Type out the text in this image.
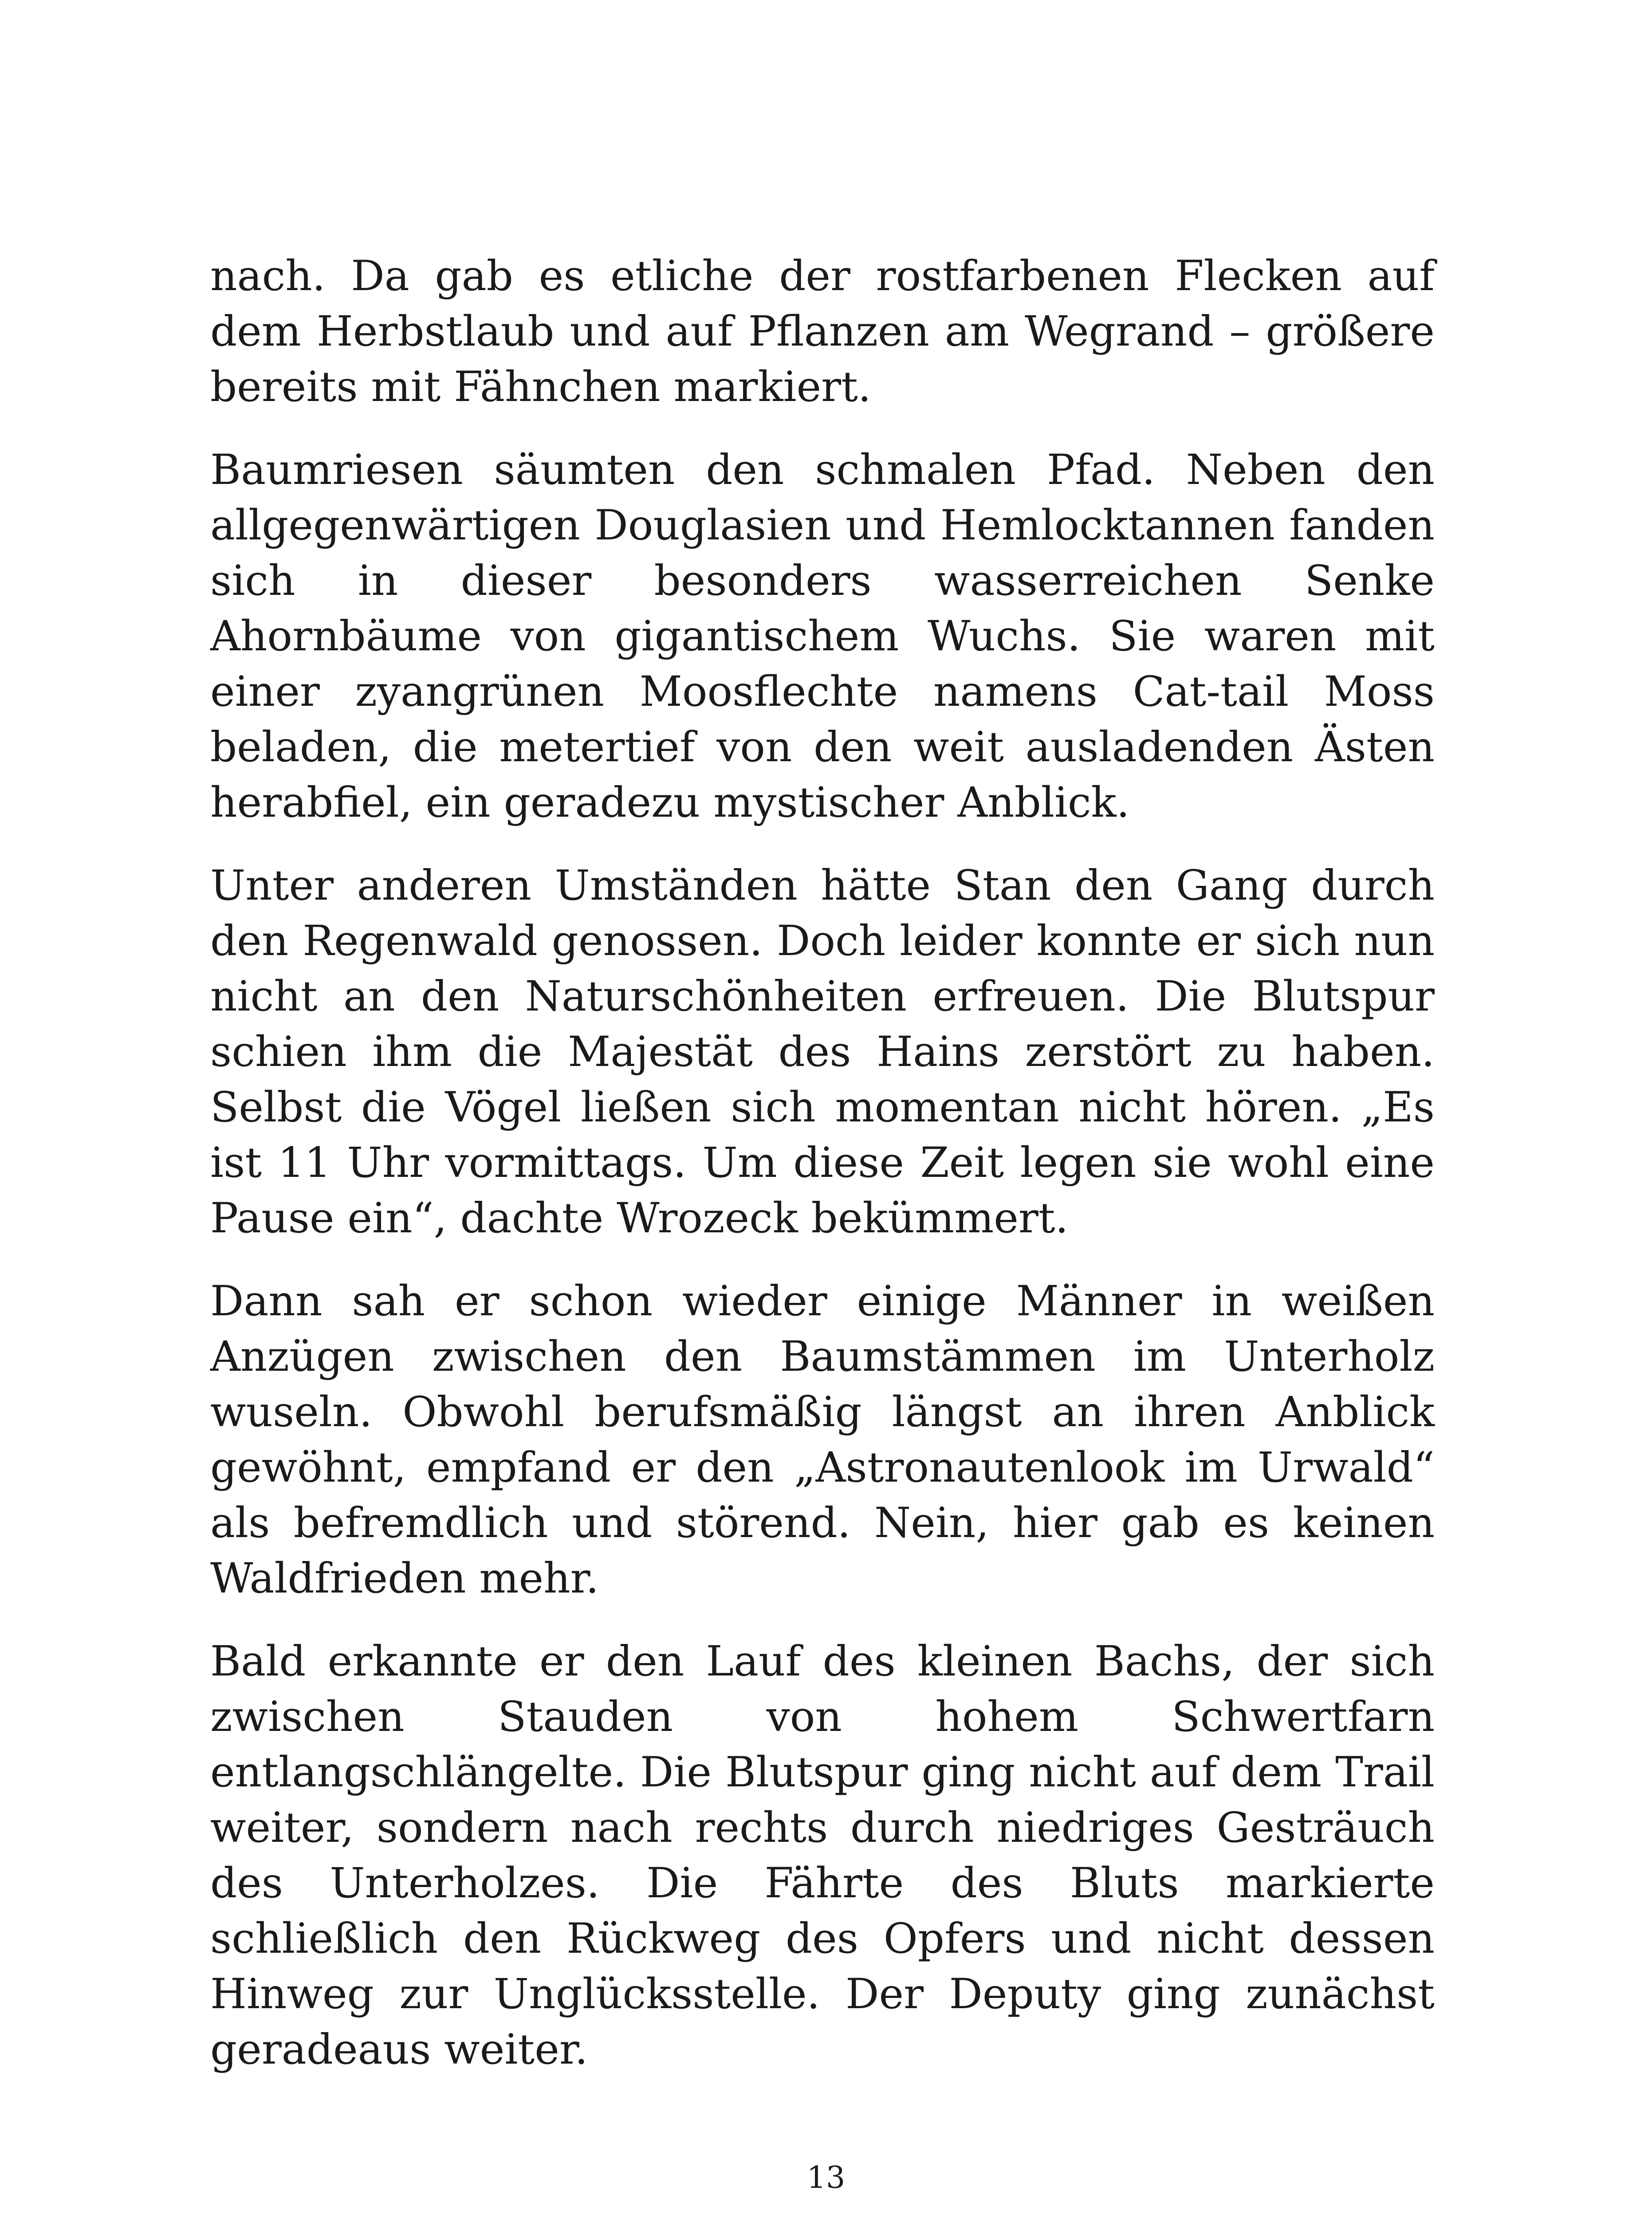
nach. Da gab es etliche der rostfarbenen Flecken auf dem Herbstlaub und auf Pflanzen am Wegrand – größere bereits mit Fähnchen markiert.

Baumriesen säumten den schmalen Pfad. Neben den allgegenwärtigen Douglasien und Hemlocktannen fanden sich in dieser besonders wasserreichen Senke Ahornbäume von gigantischem Wuchs. Sie waren mit einer zyangrünen Moosflechte namens Cat-tail Moss beladen, die metertief von den weit ausladenden Ästen herabfiel, ein geradezu mystischer Anblick.

Unter anderen Umständen hätte Stan den Gang durch den Regenwald genossen. Doch leider konnte er sich nun nicht an den Naturschönheiten erfreuen. Die Blutspur schien ihm die Majestät des Hains zerstört zu haben. Selbst die Vögel ließen sich momentan nicht hören. „Es ist 11 Uhr vormittags. Um diese Zeit legen sie wohl eine Pause ein“, dachte Wrozeck bekümmert.

Dann sah er schon wieder einige Männer in weißen Anzügen zwischen den Baumstämmen im Unterholz wuseln. Obwohl berufsmäßig längst an ihren Anblick gewöhnt, empfand er den „Astronautenlook im Urwald“ als befremdlich und störend. Nein, hier gab es keinen Waldfrieden mehr.

Bald erkannte er den Lauf des kleinen Bachs, der sich zwischen Stauden von hohem Schwertfarn entlangschlängelte. Die Blutspur ging nicht auf dem Trail weiter, sondern nach rechts durch niedriges Gesträuch des Unterholzes. Die Fährte des Bluts markierte schließlich den Rückweg des Opfers und nicht dessen Hinweg zur Unglücksstelle. Der Deputy ging zunächst geradeaus weiter.

13
